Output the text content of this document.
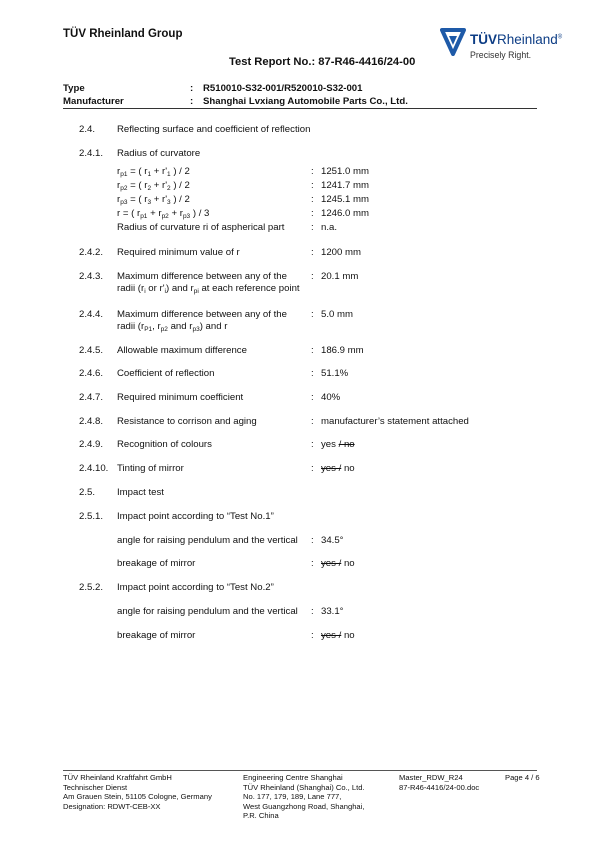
TÜV Rheinland Group
Test Report No.: 87-R46-4416/24-00
TÜVRheinland®
Precisely Right.
Type	: R510010-S32-001/R520010-S32-001
Manufacturer	: Shanghai Lvxiang Automobile Parts Co., Ltd.
2.4. Reflecting surface and coefficient of reflection
2.4.1. Radius of curvatore
$r_{p1}$ = ( $r_1 + r'_1$ ) / 2	: 1251.0 mm
$r_{p2}$ = ( $r_2 + r'_2$ ) / 2	: 1241.7 mm
$r_{p3}$ = ( $r_3 + r'_3$ ) / 2	: 1245.1 mm
r = ( $r_{p1} + r_{p2} + r_{p3}$ ) / 3	: 1246.0 mm
Radius of curvature ri of aspherical part	: n.a.
2.4.2. Required minimum value of r	: 1200 mm
2.4.3. Maximum difference between any of the
radii ($r_i$ or $r'_i$) and $r_{pi}$ at each reference point
: 20.1 mm
2.4.4. Maximum difference between any of the
radii ($r_{P1}$, $r_{p2}$ and $r_{p3}$) and r
: 5.0 mm
2.4.5. Allowable maximum difference	: 186.9 mm
2.4.6. Coefficient of reflection	: 51.1%
2.4.7. Required minimum coefficient	: 40%
2.4.8. Resistance to corrison and aging	: manufacturer’s statement attached
2.4.9. Recognition of colours	: yes / no
2.4.10. Tinting of mirror	: yes / no
2.5. Impact test
2.5.1. Impact point according to “Test No.1”
angle for raising pendulum and the vertical : 34.5°
breakage of mirror	: yes / no
2.5.2. Impact point according to “Test No.2”
angle for raising pendulum and the vertical : 33.1°
breakage of mirror	: yes / no
TÜV Rheinland Kraftfahrt GmbH
Technischer Dienst
Am Grauen Stein, 51105 Cologne, Germany
Designation: RDWT-CEB-XX
Engineering Centre Shanghai
TÜV Rheinland (Shanghai) Co., Ltd.
No. 177, 179, 189, Lane 777,
West Guangzhong Road, Shanghai,
P.R. China
Master_RDW_R24
87-R46-4416/24-00.doc
Page 4 / 6
